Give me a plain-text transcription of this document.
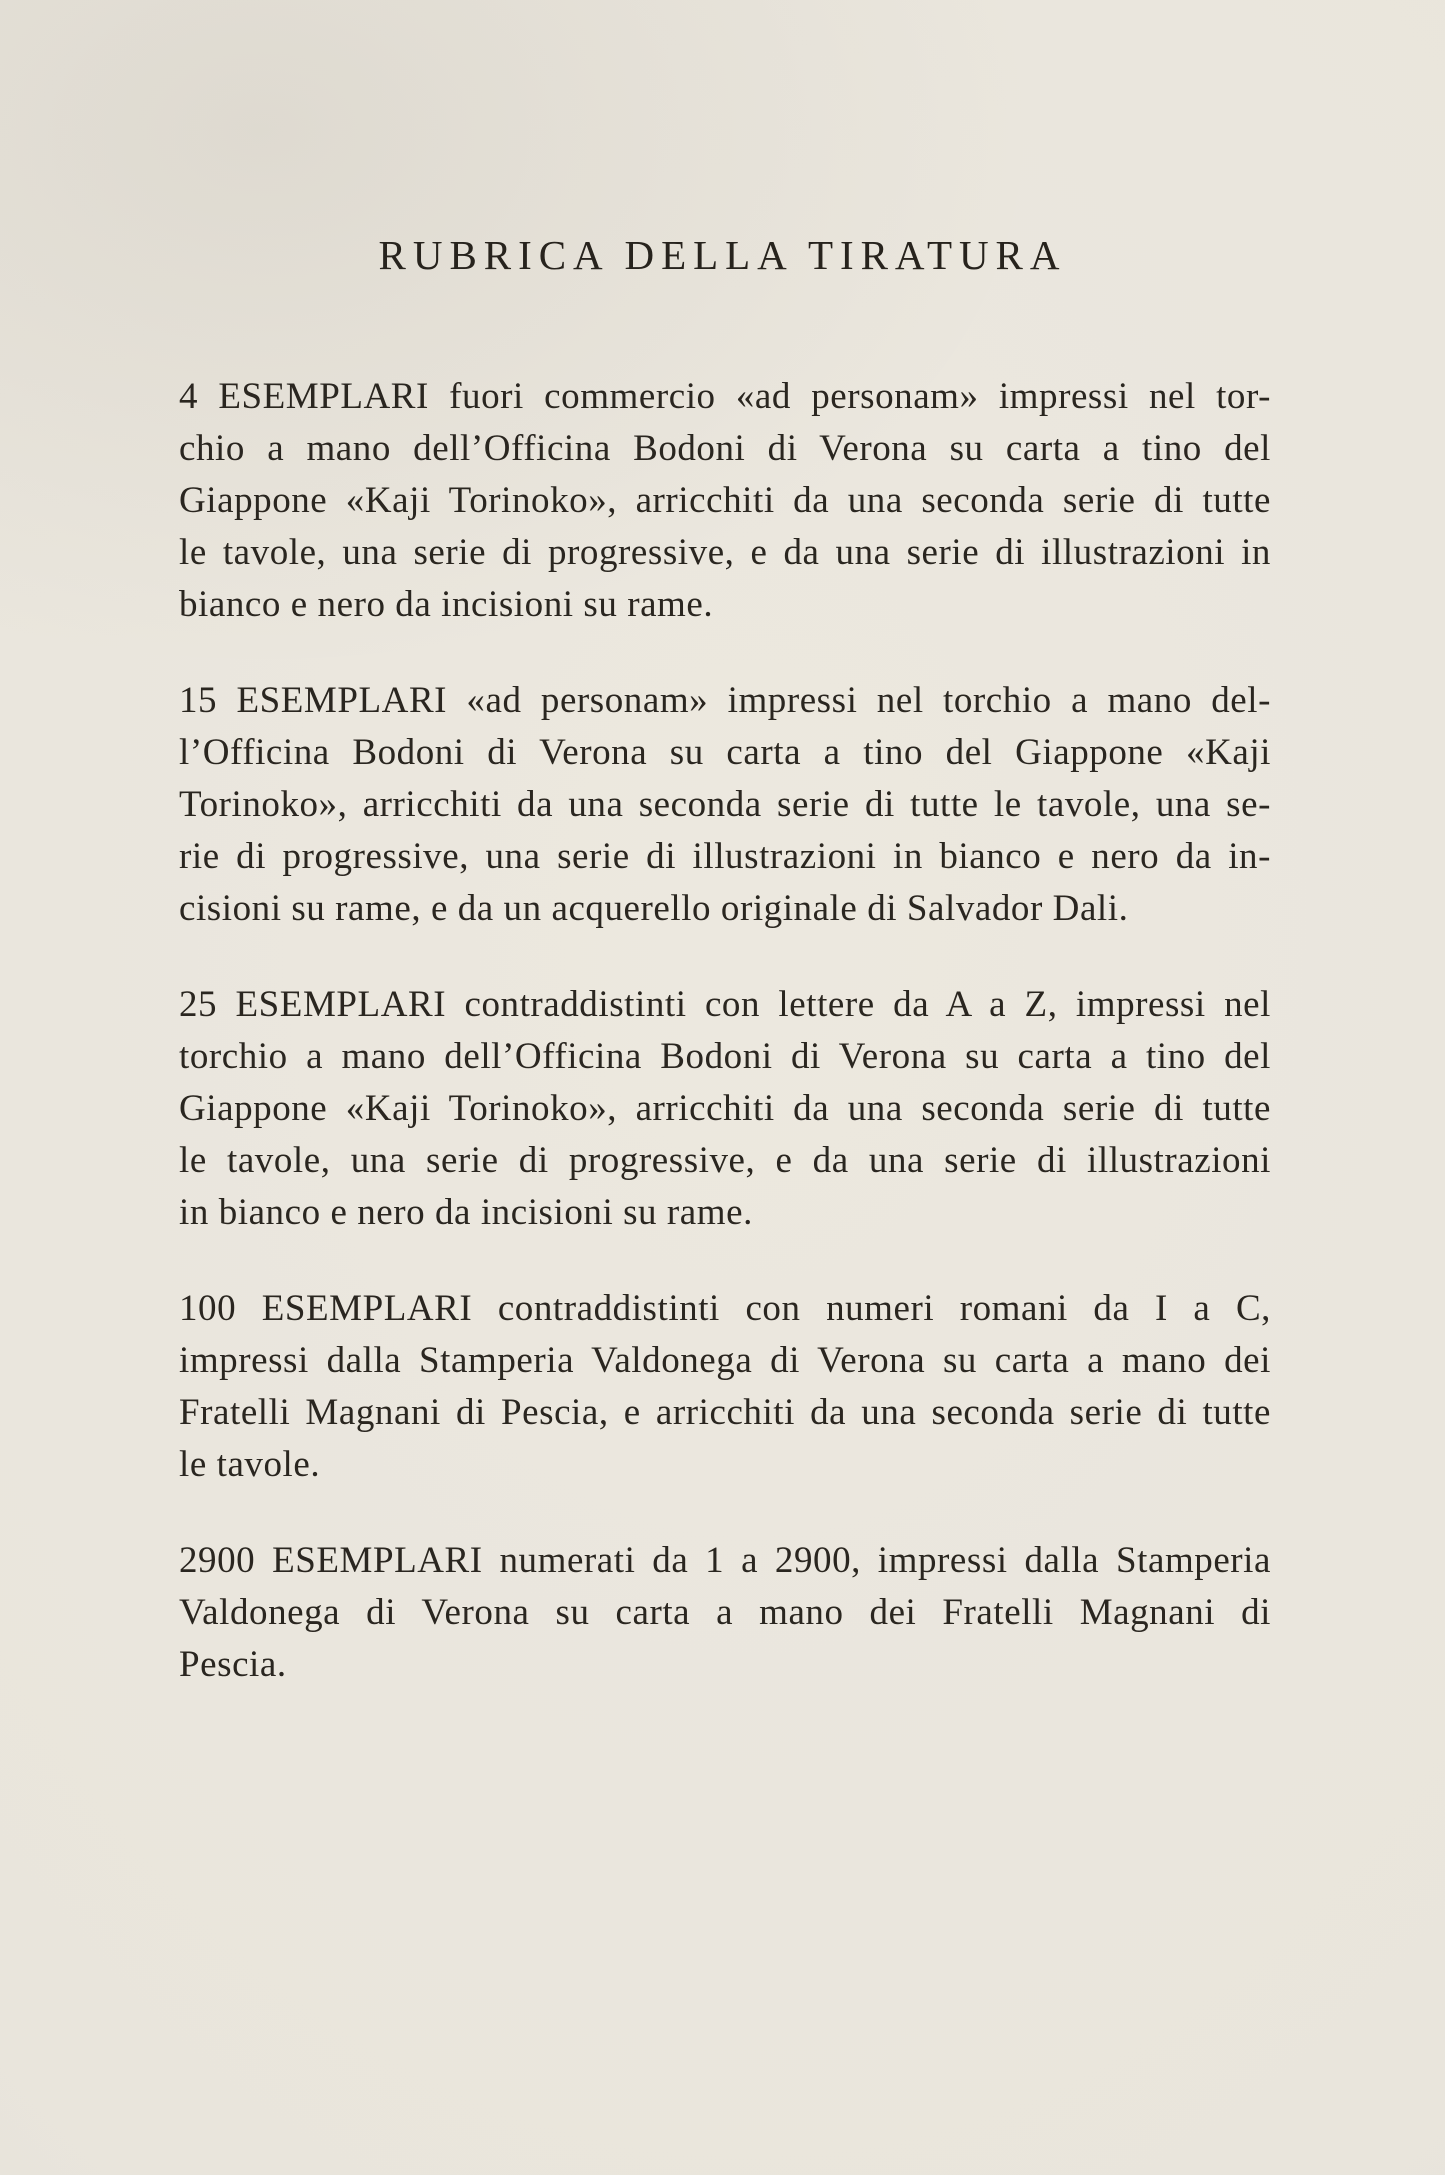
RUBRICA DELLA TIRATURA
4 ESEMPLARI fuori commercio «ad personam» impressi nel tor-
chio a mano dell’Officina Bodoni di Verona su carta a tino del
Giappone «Kaji Torinoko», arricchiti da una seconda serie di tutte
le tavole, una serie di progressive, e da una serie di illustrazioni in
bianco e nero da incisioni su rame.
15 ESEMPLARI «ad personam» impressi nel torchio a mano del-
l’Officina Bodoni di Verona su carta a tino del Giappone «Kaji
Torinoko», arricchiti da una seconda serie di tutte le tavole, una se-
rie di progressive, una serie di illustrazioni in bianco e nero da in-
cisioni su rame, e da un acquerello originale di Salvador Dali.
25 ESEMPLARI contraddistinti con lettere da A a Z, impressi nel
torchio a mano dell’Officina Bodoni di Verona su carta a tino del
Giappone «Kaji Torinoko», arricchiti da una seconda serie di tutte
le tavole, una serie di progressive, e da una serie di illustrazioni
in bianco e nero da incisioni su rame.
100 ESEMPLARI contraddistinti con numeri romani da I a C,
impressi dalla Stamperia Valdonega di Verona su carta a mano dei
Fratelli Magnani di Pescia, e arricchiti da una seconda serie di tutte
le tavole.
2900 ESEMPLARI numerati da 1 a 2900, impressi dalla Stamperia
Valdonega di Verona su carta a mano dei Fratelli Magnani di
Pescia.
